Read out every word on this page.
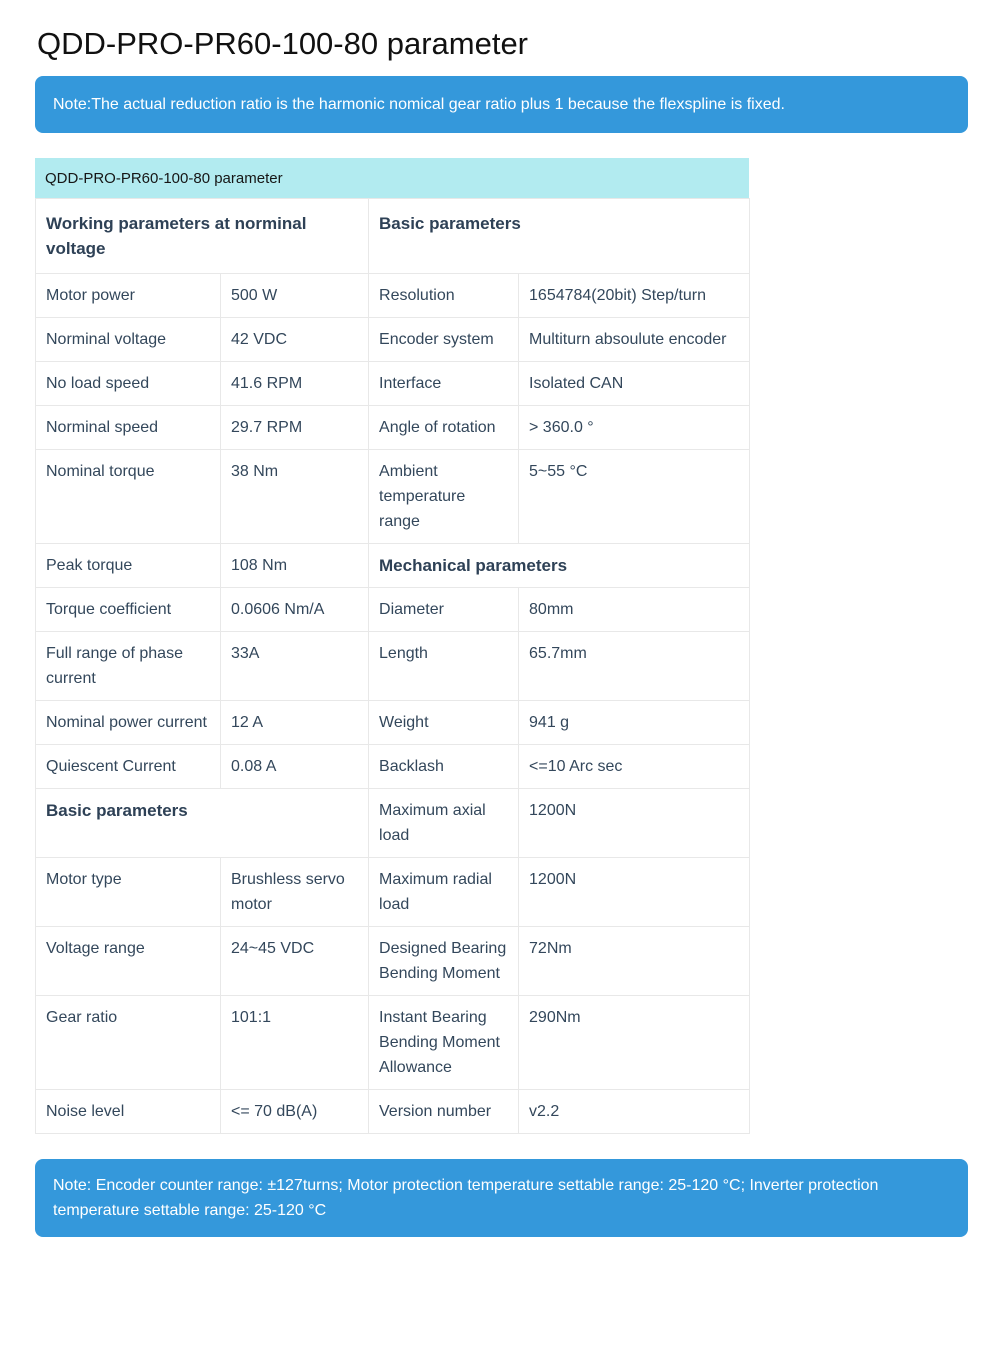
QDD-PRO-PR60-100-80 parameter
Note:The actual reduction ratio is the harmonic nomical gear ratio plus 1 because the flexspline is fixed.
QDD-PRO-PR60-100-80 parameter
Working parameters at norminal voltage		Basic parameters	
Motor power	500 W	Resolution	1654784(20bit) Step/turn
Norminal voltage	42 VDC	Encoder system	Multiturn absoulute encoder
No load speed	41.6 RPM	Interface	Isolated CAN
Norminal speed	29.7 RPM	Angle of rotation	> 360.0 °
Nominal torque	38 Nm	Ambient temperature range	5~55 °C
Peak torque	108 Nm	Mechanical parameters	
Torque coefficient	0.0606 Nm/A	Diameter	80mm
Full range of phase current	33A	Length	65.7mm
Nominal power current	12 A	Weight	941 g
Quiescent Current	0.08 A	Backlash	<=10 Arc sec
Basic parameters		Maximum axial load	1200N
Motor type	Brushless servo motor	Maximum radial load	1200N
Voltage range	24~45 VDC	Designed Bearing Bending Moment	72Nm
Gear ratio	101:1	Instant Bearing Bending Moment Allowance	290Nm
Noise level	<= 70 dB(A)	Version number	v2.2
Note: Encoder counter range: ±127turns; Motor protection temperature settable range: 25-120 °C; Inverter protection temperature settable range: 25-120 °C
